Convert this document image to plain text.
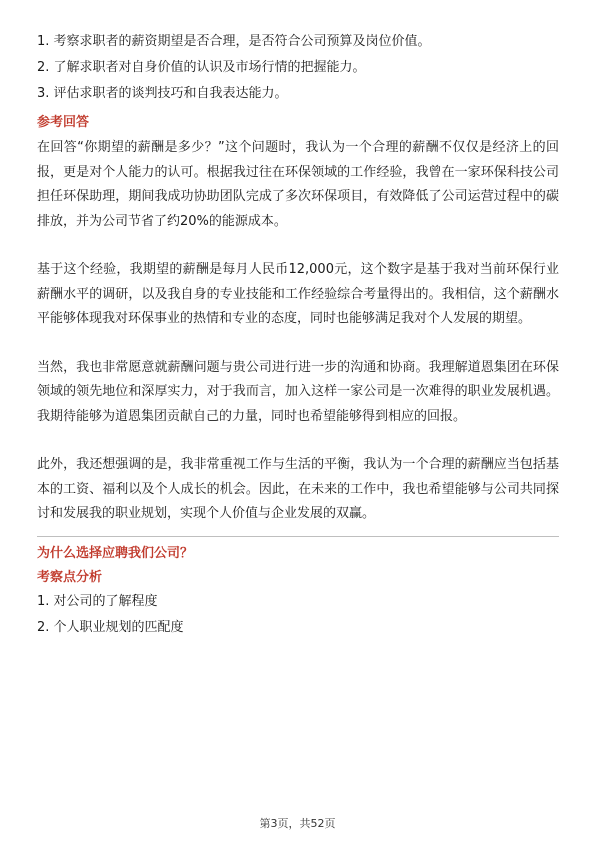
1. 考察求职者的薪资期望是否合理，是否符合公司预算及岗位价值。
2. 了解求职者对自身价值的认识及市场行情的把握能力。
3. 评估求职者的谈判技巧和自我表达能力。
参考回答

在回答“你期望的薪酬是多少？”这个问题时，我认为一个合理的薪酬不仅仅是经济上的回报，更是对个人能力的认可。根据我过往在环保领域的工作经验，我曾在一家环保科技公司担任环保助理，期间我成功协助团队完成了多次环保项目，有效降低了公司运营过程中的碳排放，并为公司节省了约20%的能源成本。

基于这个经验，我期望的薪酬是每月人民币12,000元，这个数字是基于我对当前环保行业薪酬水平的调研，以及我自身的专业技能和工作经验综合考量得出的。我相信，这个薪酬水平能够体现我对环保事业的热情和专业的态度，同时也能够满足我对个人发展的期望。

当然，我也非常愿意就薪酬问题与贵公司进行进一步的沟通和协商。我理解道恩集团在环保领域的领先地位和深厚实力，对于我而言，加入这样一家公司是一次难得的职业发展机遇。我期待能够为道恩集团贡献自己的力量，同时也希望能够得到相应的回报。

此外，我还想强调的是，我非常重视工作与生活的平衡，我认为一个合理的薪酬应当包括基本的工资、福利以及个人成长的机会。因此，在未来的工作中，我也希望能够与公司共同探讨和发展我的职业规划，实现个人价值与企业发展的双赢。

为什么选择应聘我们公司？
考察点分析
1. 对公司的了解程度
2. 个人职业规划的匹配度
第3页，共52页
